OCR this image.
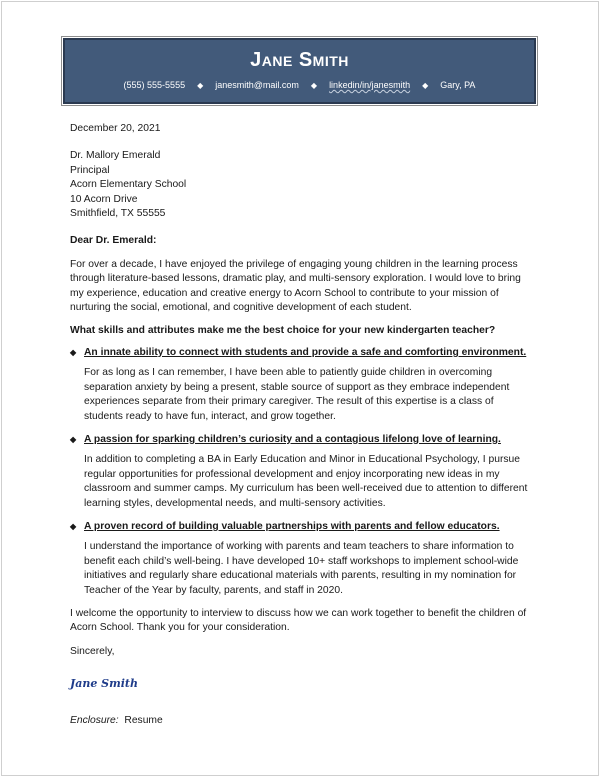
Jane Smith
(555) 555-5555 ◆ janesmith@mail.com ◆ linkedin/in/janesmith ◆ Gary, PA

December 20, 2021

Dr. Mallory Emerald

Principal

Acorn Elementary School

10 Acorn Drive

Smithfield, TX 55555

Dear Dr. Emerald:

For over a decade, I have enjoyed the privilege of engaging young children in the learning process through literature-based lessons, dramatic play, and multi-sensory exploration. I would love to bring my experience, education and creative energy to Acorn School to contribute to your mission of nurturing the social, emotional, and cognitive development of each student.

What skills and attributes make me the best choice for your new kindergarten teacher?

◆ An innate ability to connect with students and provide a safe and comforting environment.

For as long as I can remember, I have been able to patiently guide children in overcoming separation anxiety by being a present, stable source of support as they embrace independent experiences separate from their primary caregiver. The result of this expertise is a class of students ready to have fun, interact, and grow together.

◆ A passion for sparking children’s curiosity and a contagious lifelong love of learning.

In addition to completing a BA in Early Education and Minor in Educational Psychology, I pursue regular opportunities for professional development and enjoy incorporating new ideas in my classroom and summer camps. My curriculum has been well-received due to attention to different learning styles, developmental needs, and multi-sensory activities.

◆ A proven record of building valuable partnerships with parents and fellow educators.

I understand the importance of working with parents and team teachers to share information to benefit each child’s well-being. I have developed 10+ staff workshops to implement school-wide initiatives and regularly share educational materials with parents, resulting in my nomination for Teacher of the Year by faculty, parents, and staff in 2020.

I welcome the opportunity to interview to discuss how we can work together to benefit the children of Acorn School. Thank you for your consideration.

Sincerely,

Jane Smith

Enclosure: Resume
